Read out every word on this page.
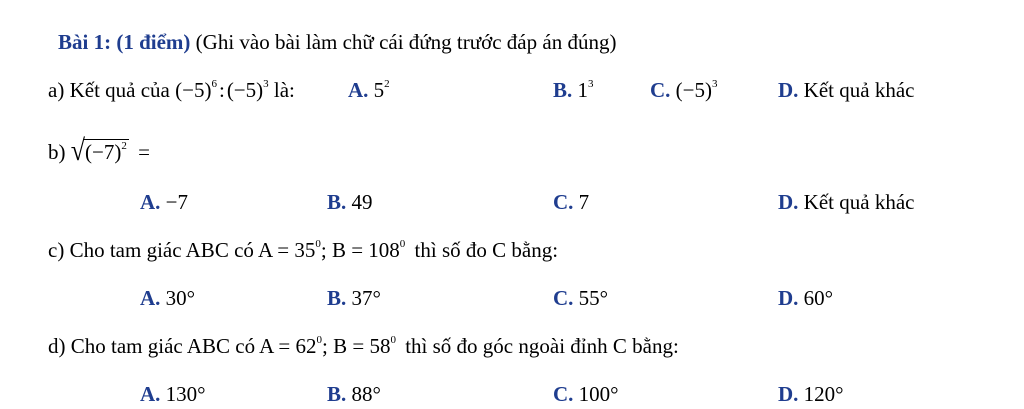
Bài 1: (1 điểm) (Ghi vào bài làm chữ cái đứng trước đáp án đúng)
a) Kết quả của $(-5)^6:(-5)^3$ là:	A. $5^2$	B. $1^3$	C. $(-5)^3$	D. Kết quả khác
b) $√(-7)^2$ =
A. −7	B. 49	C. 7	D. Kết quả khác
c) Cho tam giác ABC có $A = 35^0$; $B = 108^0$ thì số đo C bằng:
A. 30°	B. 37°	C. 55°	D. 60°
d) Cho tam giác ABC có $A = 62^0$; $B = 58^0$ thì số đo góc ngoài đỉnh C bằng:
A. 130°	B. 88°	C. 100°	D. 120°
